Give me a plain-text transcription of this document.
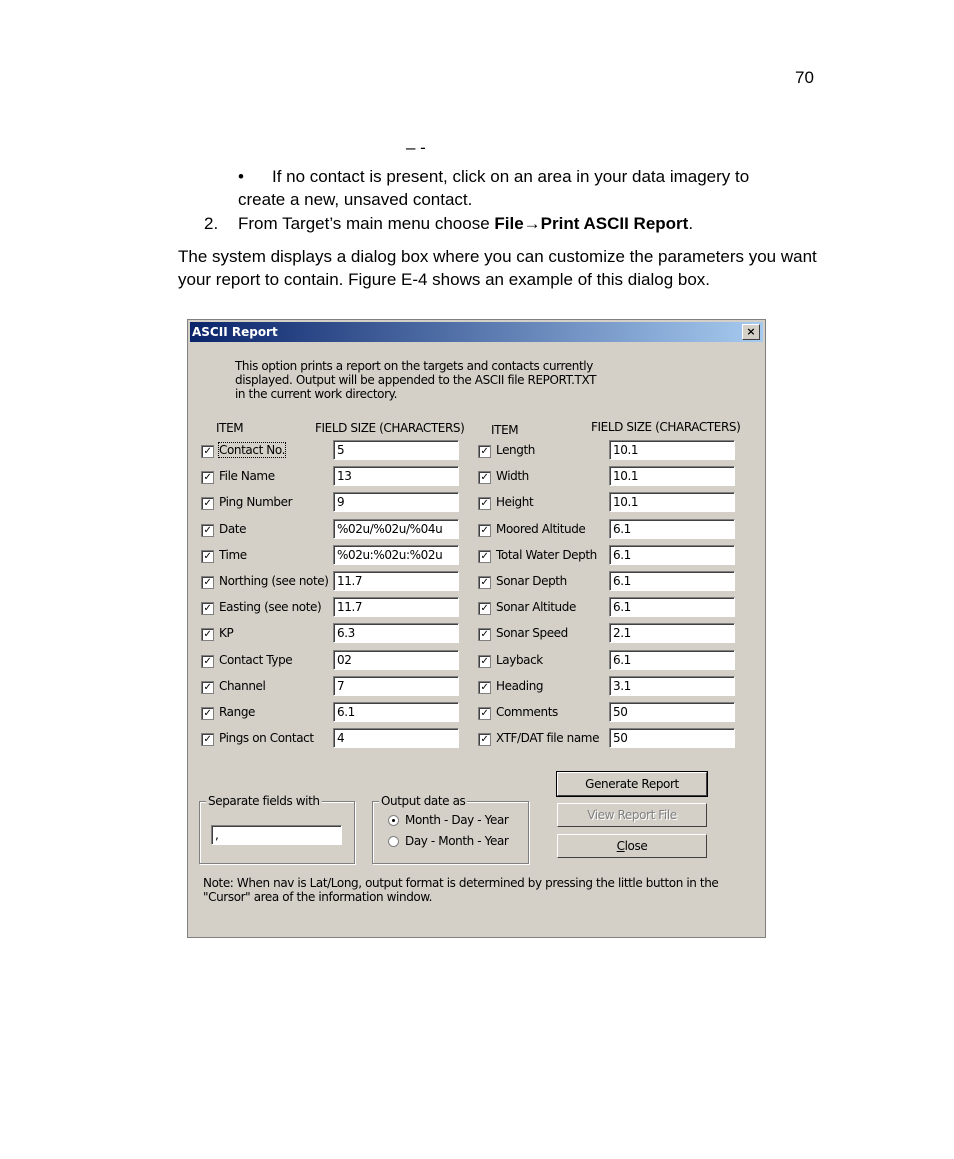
70
– -
•	If no contact is present, click on an area in your data imagery to
create a new, unsaved contact.
2. From Target’s main menu choose File→Print ASCII Report.
The system displays a dialog box where you can customize the parameters you want your report to contain. Figure E-4 shows an example of this dialog box.
ASCII Report	×
This option prints a report on the targets and contacts currently
displayed. Output will be appended to the ASCII file REPORT.TXT
in the current work directory.
ITEM	FIELD SIZE (CHARACTERS) ITEM	FIELD SIZE (CHARACTERS)
✓ Contact No.	5
✓ File Name	13
✓ Ping Number	9
✓ Date	%02u/%02u/%04u
✓ Time	%02u:%02u:%02u
✓ Northing (see note) 11.7
✓ Easting (see note)	11.7
✓ KP	6.3
✓ Contact Type	02
✓ Channel	7
✓ Range	6.1
✓ Pings on Contact	4
✓ Length	10.1
✓ Width	10.1
✓ Height	10.1
✓ Moored Altitude	6.1
✓ Total Water Depth	6.1
✓ Sonar Depth	6.1
✓ Sonar Altitude	6.1
✓ Sonar Speed	2.1
✓ Layback	6.1
✓ Heading	3.1
✓ Comments	50
✓ XTF/DAT file name	50
Separate fields with
,
Output date as
Month - Day - Year
Day - Month - Year
Generate Report
View Report File
Close
Note: When nav is Lat/Long, output format is determined by pressing the little button in the
"Cursor" area of the information window.
